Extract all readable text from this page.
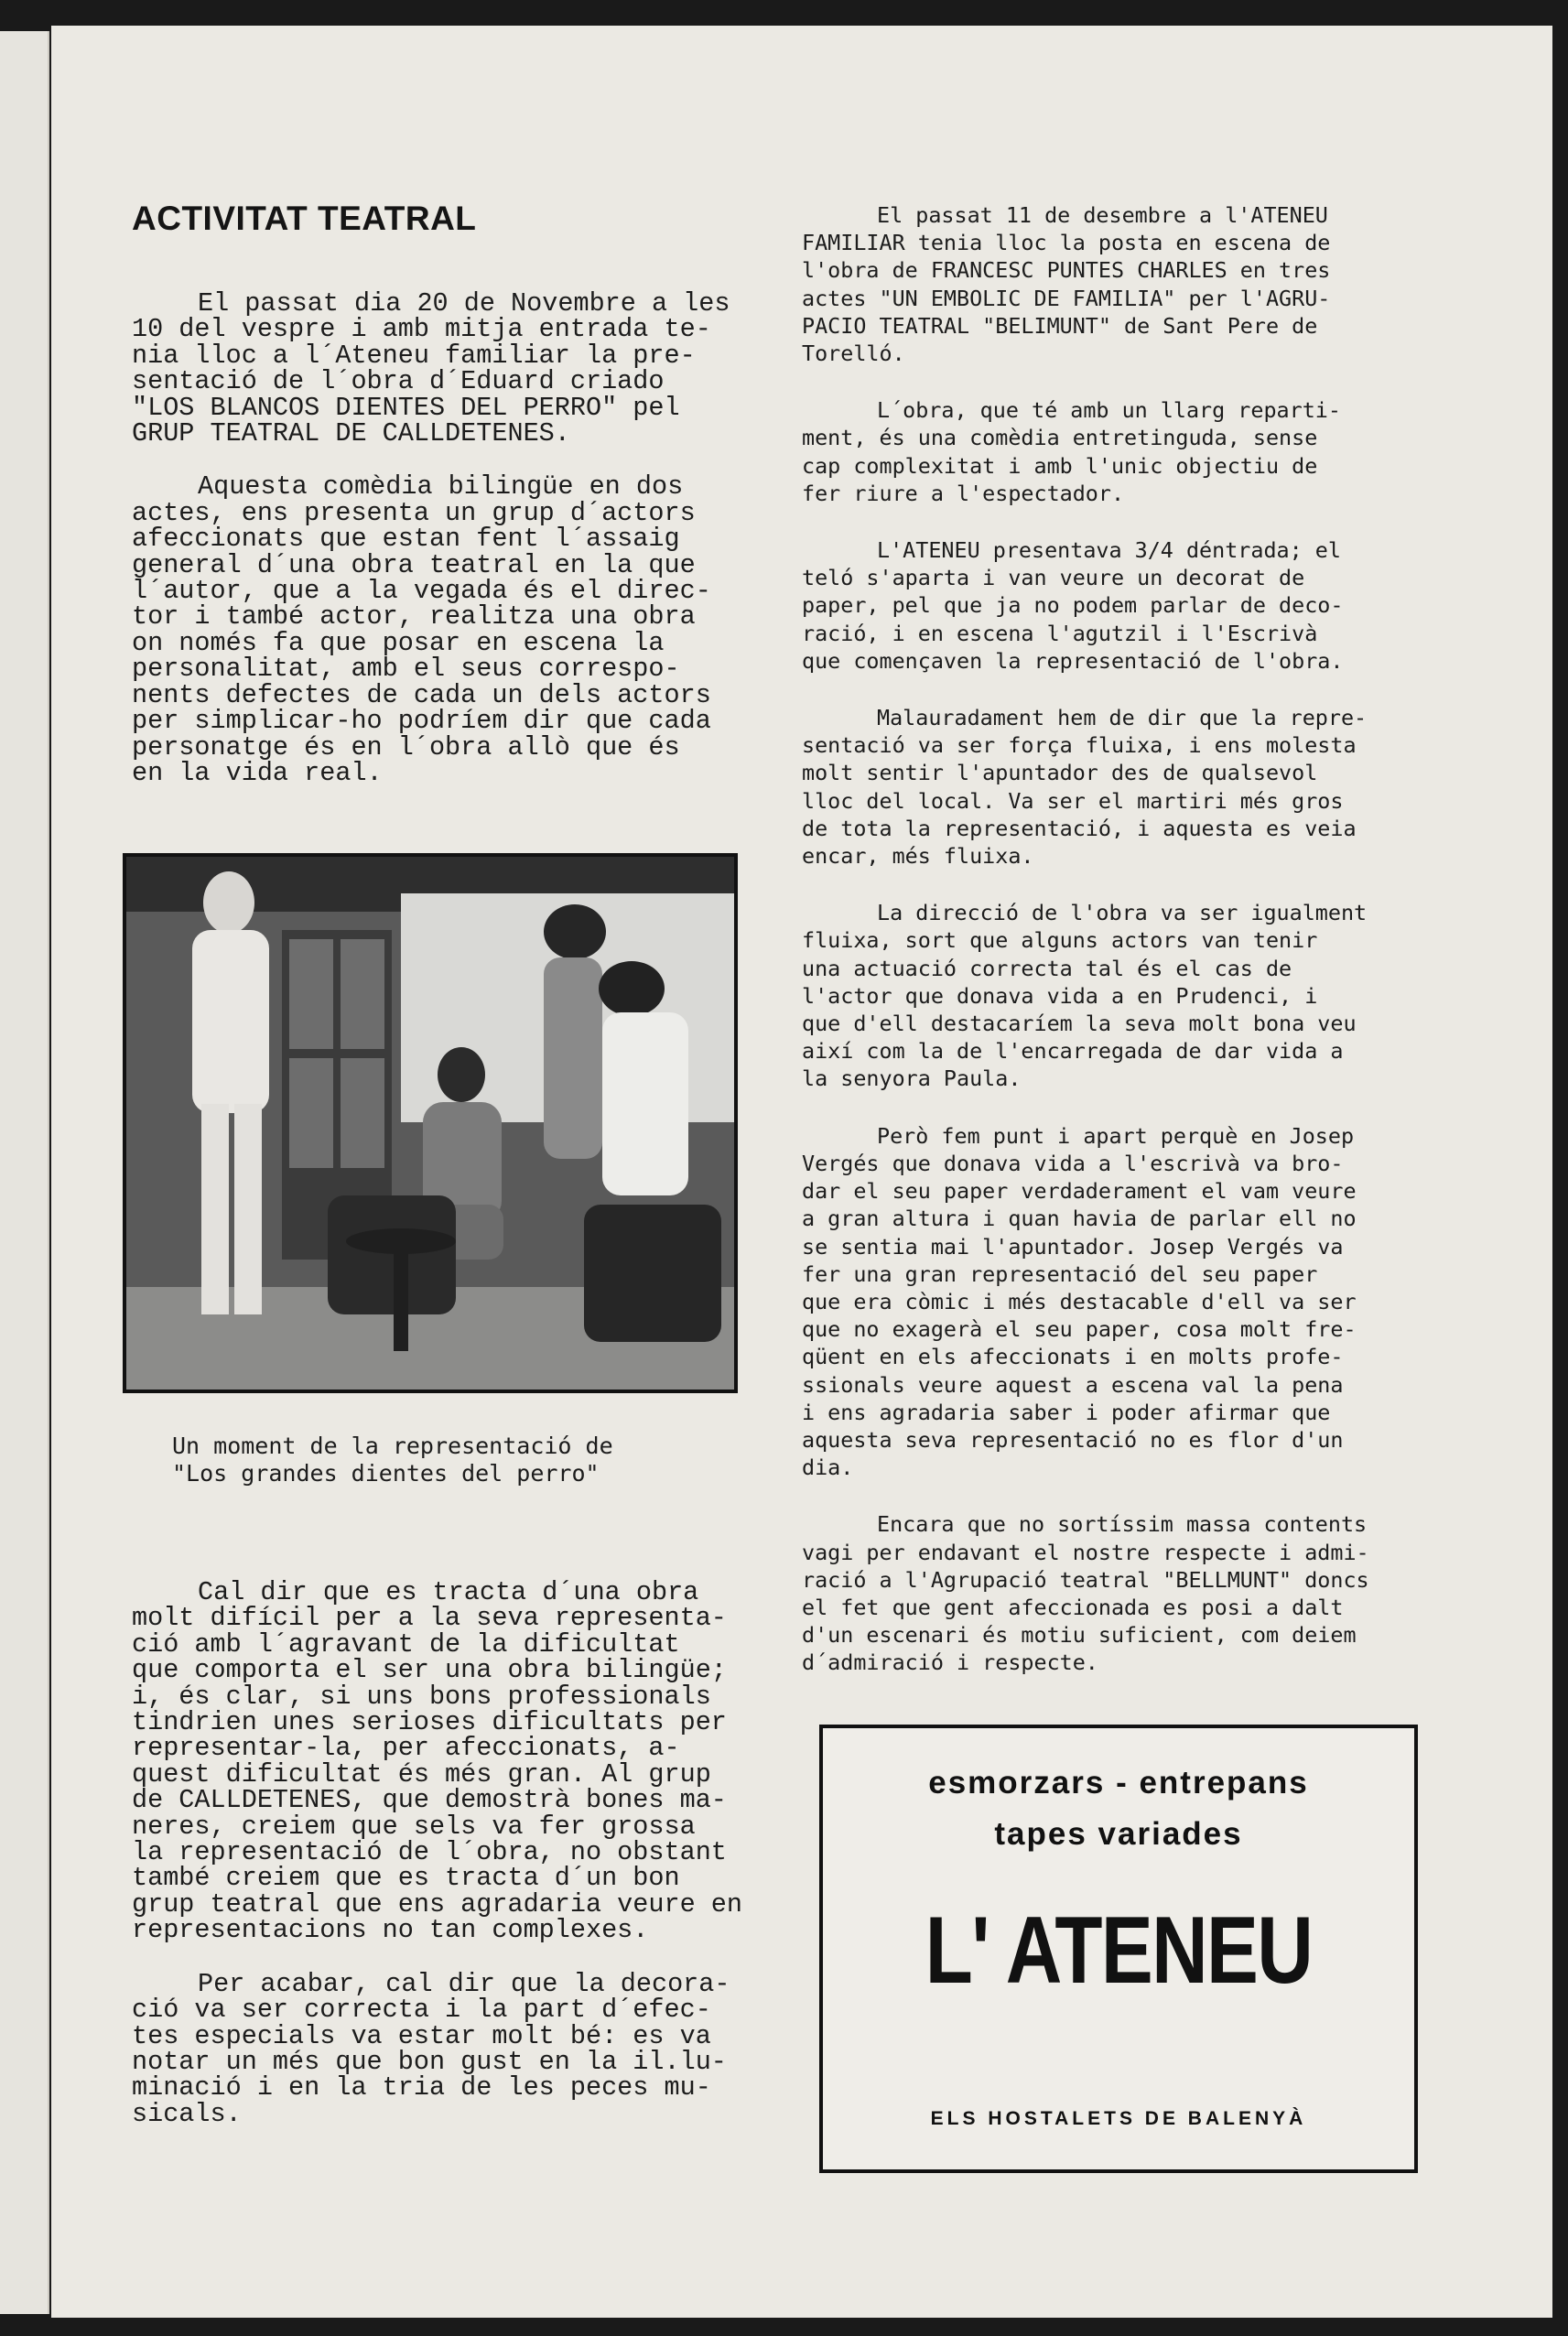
ACTIVITAT TEATRAL

El passat dia 20 de Novembre a les
10 del vespre i amb mitja entrada te-
nia lloc a l´Ateneu familiar la pre-
sentació de l´obra d´Eduard criado
"LOS BLANCOS DIENTES DEL PERRO" pel
GRUP TEATRAL DE CALLDETENES.

Aquesta comèdia bilingüe en dos
actes, ens presenta un grup d´actors
afeccionats que estan fent l´assaig
general d´una obra teatral en la que
l´autor, que a la vegada és el direc-
tor i també actor, realitza una obra
on només fa que posar en escena la
personalitat, amb el seus correspo-
nents defectes de cada un dels actors
per simplicar-ho podríem dir que cada
personatge és en l´obra allò que és
en la vida real.

Un moment de la representació de
"Los grandes dientes del perro"

Cal dir que es tracta d´una obra
molt difícil per a la seva representa-
ció amb l´agravant de la dificultat
que comporta el ser una obra bilingüe;
i, és clar, si uns bons professionals
tindrien unes serioses dificultats per
representar-la, per afeccionats, a-
quest dificultat és més gran. Al grup
de CALLDETENES, que demostrà bones ma-
neres, creiem que sels va fer grossa
la representació de l´obra, no obstant
també creiem que es tracta d´un bon
grup teatral que ens agradaria veure en
representacions no tan complexes.

Per acabar, cal dir que la decora-
ció va ser correcta i la part d´efec-
tes especials va estar molt bé: es va
notar un més que bon gust en la il.lu-
minació i en la tria de les peces mu-
sicals.

El passat 11 de desembre a l'ATENEU
FAMILIAR tenia lloc la posta en escena de
l'obra de FRANCESC PUNTES CHARLES en tres
actes "UN EMBOLIC DE FAMILIA" per l'AGRU-
PACIO TEATRAL "BELIMUNT" de Sant Pere de
Torelló.

L´obra, que té amb un llarg reparti-
ment, és una comèdia entretinguda, sense
cap complexitat i amb l'unic objectiu de
fer riure a l'espectador.

L'ATENEU presentava 3/4 déntrada; el
teló s'aparta i van veure un decorat de
paper, pel que ja no podem parlar de deco-
ració, i en escena l'agutzil i l'Escrivà
que començaven la representació de l'obra.

Malauradament hem de dir que la repre-
sentació va ser força fluixa, i ens molesta
molt sentir l'apuntador des de qualsevol
lloc del local. Va ser el martiri més gros
de tota la representació, i aquesta es veia
encar, més fluixa.

La direcció de l'obra va ser igualment
fluixa, sort que alguns actors van tenir
una actuació correcta tal és el cas de
l'actor que donava vida a en Prudenci, i
que d'ell destacaríem la seva molt bona veu
així com la de l'encarregada de dar vida a
la senyora Paula.

Però fem punt i apart perquè en Josep
Vergés que donava vida a l'escrivà va bro-
dar el seu paper verdaderament el vam veure
a gran altura i quan havia de parlar ell no
se sentia mai l'apuntador. Josep Vergés va
fer una gran representació del seu paper
que era còmic i més destacable d'ell va ser
que no exagerà el seu paper, cosa molt fre-
qüent en els afeccionats i en molts profe-
ssionals veure aquest a escena val la pena
i ens agradaria saber i poder afirmar que
aquesta seva representació no es flor d'un
dia.

Encara que no sortíssim massa contents
vagi per endavant el nostre respecte i admi-
ració a l'Agrupació teatral "BELLMUNT" doncs
el fet que gent afeccionada es posi a dalt
d'un escenari és motiu suficient, com deiem
d´admiració i respecte.

esmorzars - entrepans
tapes variades
L' ATENEU
ELS HOSTALETS DE BALENYÀ
